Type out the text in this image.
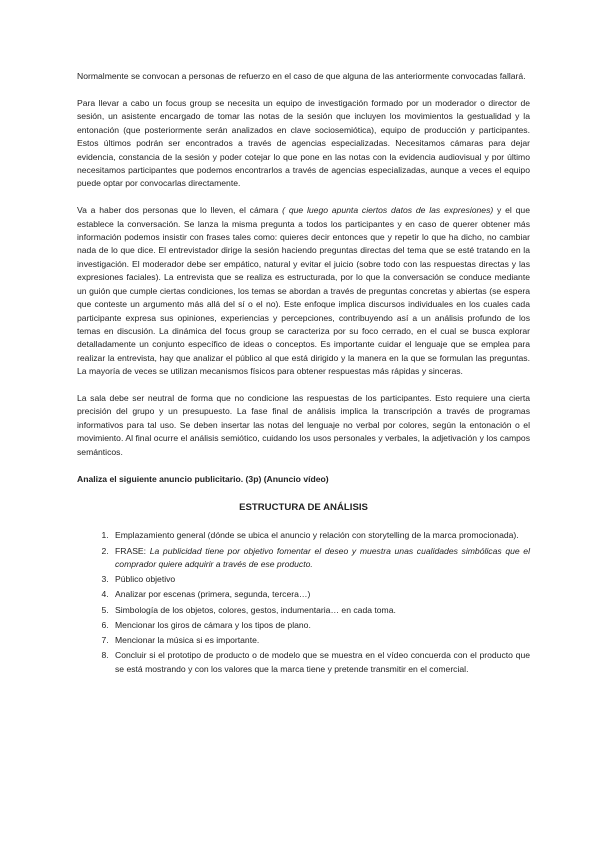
Normalmente se convocan a personas de refuerzo en el caso de que alguna de las anteriormente convocadas fallará.

Para llevar a cabo un focus group se necesita un equipo de investigación formado por un moderador o director de sesión, un asistente encargado de tomar las notas de la sesión que incluyen los movimientos la gestualidad y la entonación (que posteriormente serán analizados en clave sociosemiótica), equipo de producción y participantes. Estos últimos podrán ser encontrados a través de agencias especializadas. Necesitamos cámaras para dejar evidencia, constancia de la sesión y poder cotejar lo que pone en las notas con la evidencia audiovisual y por último necesitamos participantes que podemos encontrarlos a través de agencias especializadas, aunque a veces el equipo puede optar por convocarlas directamente.

Va a haber dos personas que lo lleven, el cámara ( que luego apunta ciertos datos de las expresiones) y el que establece la conversación. Se lanza la misma pregunta a todos los participantes y en caso de querer obtener más información podemos insistir con frases tales como: quieres decir entonces que y repetir lo que ha dicho, no cambiar nada de lo que dice. El entrevistador dirige la sesión haciendo preguntas directas del tema que se esté tratando en la investigación. El moderador debe ser empático, natural y evitar el juicio (sobre todo con las respuestas directas y las expresiones faciales). La entrevista que se realiza es estructurada, por lo que la conversación se conduce mediante un guión que cumple ciertas condiciones, los temas se abordan a través de preguntas concretas y abiertas (se espera que conteste un argumento más allá del sí o el no). Este enfoque implica discursos individuales en los cuales cada participante expresa sus opiniones, experiencias y percepciones, contribuyendo así a un análisis profundo de los temas en discusión. La dinámica del focus group se caracteriza por su foco cerrado, en el cual se busca explorar detalladamente un conjunto específico de ideas o conceptos. Es importante cuidar el lenguaje que se emplea para realizar la entrevista, hay que analizar el público al que está dirigido y la manera en la que se formulan las preguntas. La mayoría de veces se utilizan mecanismos físicos para obtener respuestas más rápidas y sinceras.

La sala debe ser neutral de forma que no condicione las respuestas de los participantes. Esto requiere una cierta precisión del grupo y un presupuesto. La fase final de análisis implica la transcripción a través de programas informativos para tal uso. Se deben insertar las notas del lenguaje no verbal por colores, según la entonación o el movimiento. Al final ocurre el análisis semiótico, cuidando los usos personales y verbales, la adjetivación y los campos semánticos.

Analiza el siguiente anuncio publicitario. (3p) (Anuncio vídeo)

ESTRUCTURA DE ANÁLISIS
1. Emplazamiento general (dónde se ubica el anuncio y relación con storytelling de la marca promocionada).
2. FRASE: La publicidad tiene por objetivo fomentar el deseo y muestra unas cualidades simbólicas que el comprador quiere adquirir a través de ese producto.
3. Público objetivo
4. Analizar por escenas (primera, segunda, tercera…)
5. Simbología de los objetos, colores, gestos, indumentaria… en cada toma.
6. Mencionar los giros de cámara y los tipos de plano.
7. Mencionar la música si es importante.
8. Concluir si el prototipo de producto o de modelo que se muestra en el vídeo concuerda con el producto que se está mostrando y con los valores que la marca tiene y pretende transmitir en el comercial.
